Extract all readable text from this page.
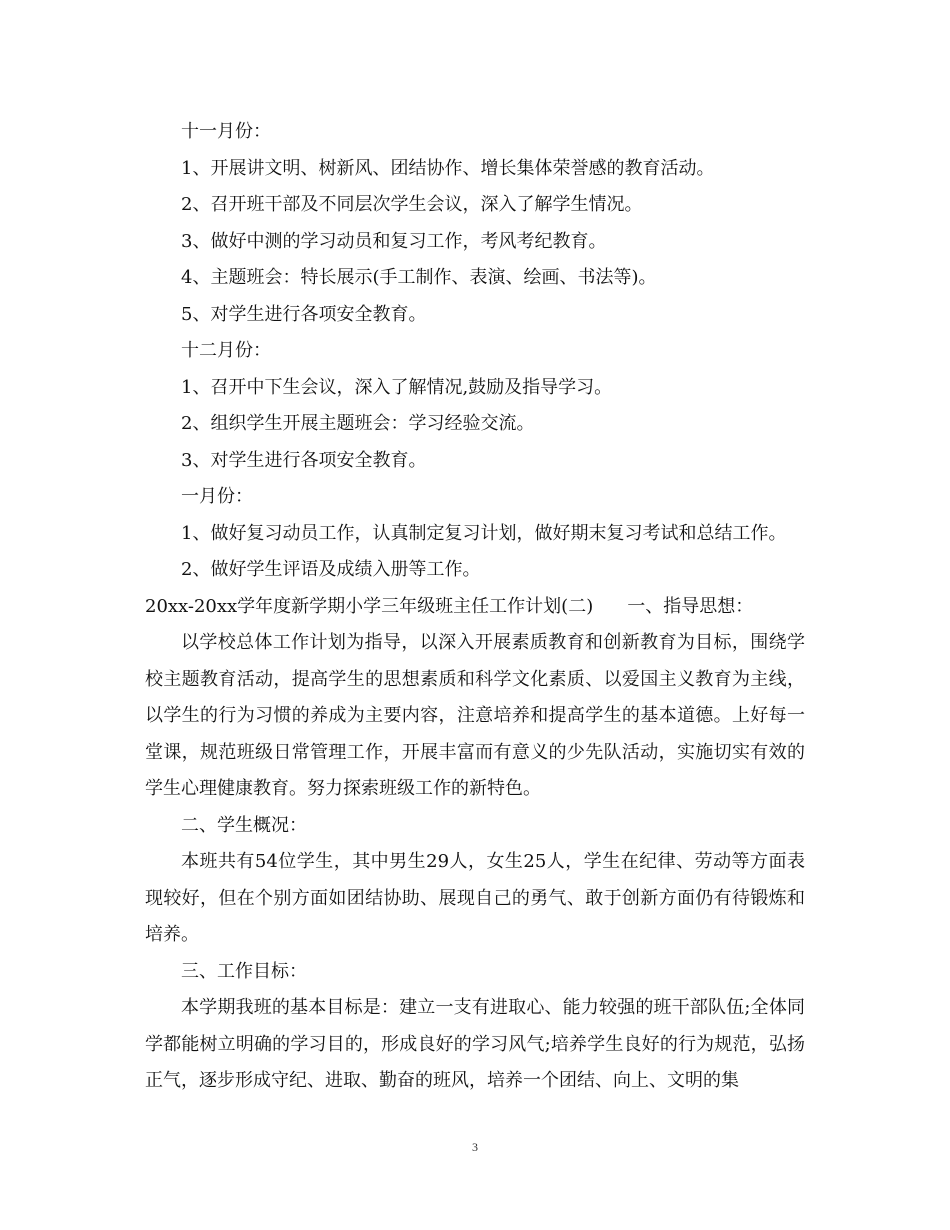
十一月份：

1、开展讲文明、树新风、团结协作、增长集体荣誉感的教育活动。

2、召开班干部及不同层次学生会议，深入了解学生情况。

3、做好中测的学习动员和复习工作，考风考纪教育。

4、主题班会：特长展示(手工制作、表演、绘画、书法等)。

5、对学生进行各项安全教育。

十二月份：

1、召开中下生会议，深入了解情况,鼓励及指导学习。

2、组织学生开展主题班会：学习经验交流。

3、对学生进行各项安全教育。

一月份：

1、做好复习动员工作，认真制定复习计划，做好期末复习考试和总结工作。

2、做好学生评语及成绩入册等工作。

20xx-20xx学年度新学期小学三年级班主任工作计划(二) 一、指导思想：

以学校总体工作计划为指导，以深入开展素质教育和创新教育为目标，围绕学校主题教育活动，提高学生的思想素质和科学文化素质、以爱国主义教育为主线，以学生的行为习惯的养成为主要内容，注意培养和提高学生的基本道德。上好每一堂课，规范班级日常管理工作，开展丰富而有意义的少先队活动，实施切实有效的学生心理健康教育。努力探索班级工作的新特色。

二、学生概况：

本班共有54位学生，其中男生29人，女生25人，学生在纪律、劳动等方面表现较好，但在个别方面如团结协助、展现自己的勇气、敢于创新方面仍有待锻炼和培养。

三、工作目标：

本学期我班的基本目标是：建立一支有进取心、能力较强的班干部队伍;全体同学都能树立明确的学习目的，形成良好的学习风气;培养学生良好的行为规范，弘扬正气，逐步形成守纪、进取、勤奋的班风，培养一个团结、向上、文明的集

3
